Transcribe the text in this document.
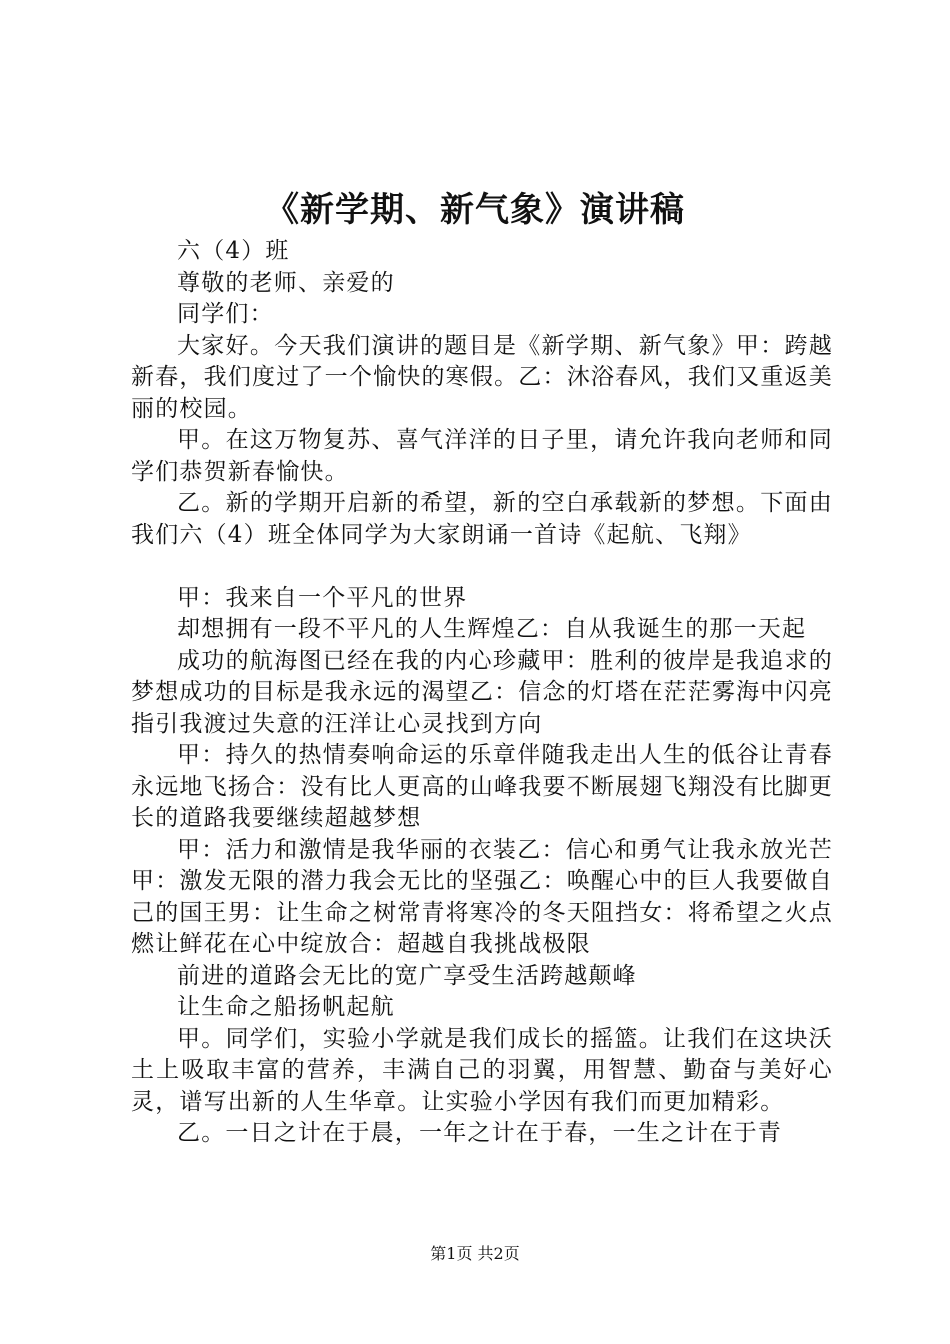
《新学期、新气象》演讲稿

六（4）班

尊敬的老师、亲爱的

同学们：

大家好。今天我们演讲的题目是《新学期、新气象》甲：跨越新春，我们度过了一个愉快的寒假。乙：沐浴春风，我们又重返美丽的校园。

甲。在这万物复苏、喜气洋洋的日子里，请允许我向老师和同学们恭贺新春愉快。

乙。新的学期开启新的希望，新的空白承载新的梦想。下面由我们六（4）班全体同学为大家朗诵一首诗《起航、飞翔》

甲：我来自一个平凡的世界

却想拥有一段不平凡的人生辉煌乙：自从我诞生的那一天起

成功的航海图已经在我的内心珍藏甲：胜利的彼岸是我追求的梦想成功的目标是我永远的渴望乙：信念的灯塔在茫茫雾海中闪亮指引我渡过失意的汪洋让心灵找到方向

甲：持久的热情奏响命运的乐章伴随我走出人生的低谷让青春永远地飞扬合：没有比人更高的山峰我要不断展翅飞翔没有比脚更长的道路我要继续超越梦想

甲：活力和激情是我华丽的衣装乙：信心和勇气让我永放光芒甲：激发无限的潜力我会无比的坚强乙：唤醒心中的巨人我要做自己的国王男：让生命之树常青将寒冷的冬天阻挡女：将希望之火点燃让鲜花在心中绽放合：超越自我挑战极限

前进的道路会无比的宽广享受生活跨越颠峰

让生命之船扬帆起航

甲。同学们，实验小学就是我们成长的摇篮。让我们在这块沃土上吸取丰富的营养，丰满自己的羽翼，用智慧、勤奋与美好心灵，谱写出新的人生华章。让实验小学因有我们而更加精彩。

乙。一日之计在于晨，一年之计在于春，一生之计在于青

第1页 共2页
